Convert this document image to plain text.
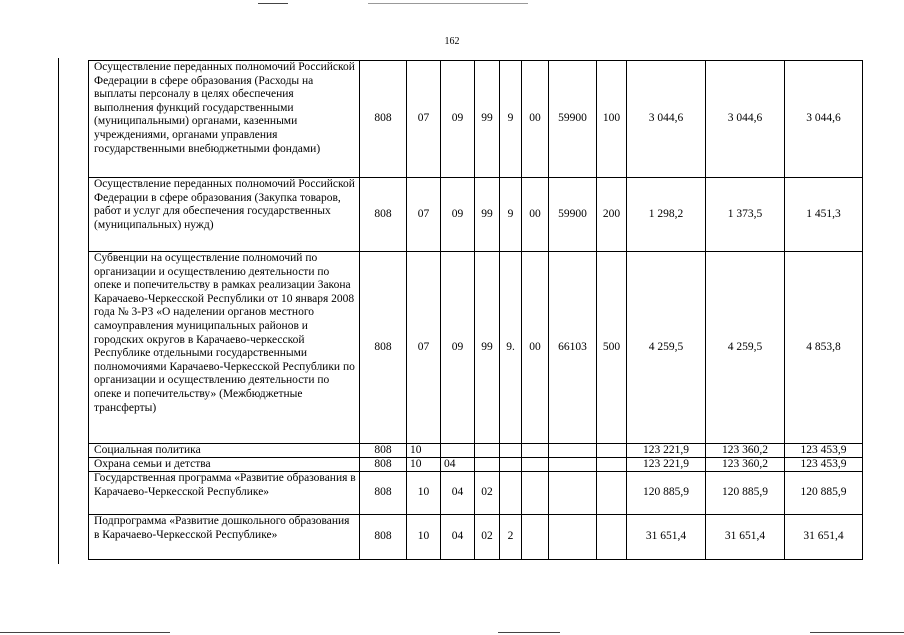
162
Осуществление переданных полномочий Российской Федерации в сфере образования (Расходы на выплаты персоналу в целях обеспечения выполнения функций государственными (муниципальными) органами, казенными учреждениями, органами управления государственными внебюджетными фондами)	808	07	09	99	9	00	59900	100	3 044,6	3 044,6	3 044,6
Осуществление переданных полномочий Российской Федерации в сфере образования (Закупка товаров, работ и услуг для обеспечения государственных (муниципальных) нужд)	808	07	09	99	9	00	59900	200	1 298,2	1 373,5	1 451,3
Субвенции на осуществление полномочий по организации и осуществлению деятельности по опеке и попечительству в рамках реализации Закона Карачаево-Черкесской Республики от 10 января 2008 года № 3-РЗ «О наделении органов местного самоуправления муниципальных районов и городских округов в Карачаево-черкесской Республике отдельными государственными полномочиями Карачаево-Черкесской Республики по организации и осуществлению деятельности по опеке и попечительству» (Межбюджетные трансферты)	808	07	09	99	9.	00	66103	500	4 259,5	4 259,5	4 853,8
Социальная политика	808	10							123 221,9	123 360,2	123 453,9
Охрана семьи и детства	808	10	04						123 221,9	123 360,2	123 453,9
Государственная программа «Развитие образования в Карачаево-Черкесской Республике»	808	10	04	02					120 885,9	120 885,9	120 885,9
Подпрограмма «Развитие дошкольного образования в Карачаево-Черкесской Республике»	808	10	04	02	2				31 651,4	31 651,4	31 651,4
